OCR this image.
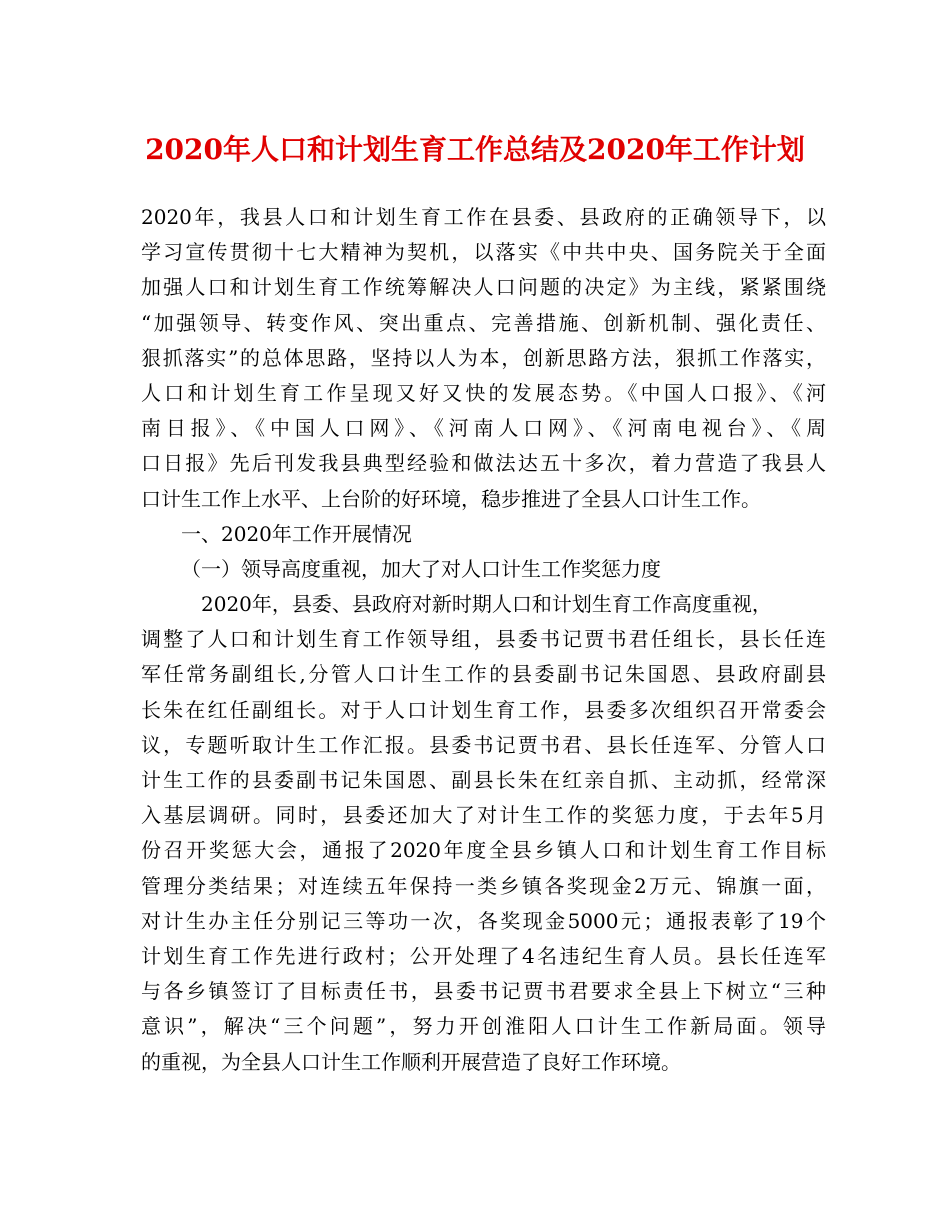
2020年人口和计划生育工作总结及2020年工作计划
2020年，我县人口和计划生育工作在县委、县政府的正确领导下，以
学习宣传贯彻十七大精神为契机，以落实《中共中央、国务院关于全面
加强人口和计划生育工作统筹解决人口问题的决定》为主线，紧紧围绕
“加强领导、转变作风、突出重点、完善措施、创新机制、强化责任、
狠抓落实”的总体思路，坚持以人为本，创新思路方法，狠抓工作落实，
人口和计划生育工作呈现又好又快的发展态势。《中国人口报》、《河
南日报》、《中国人口网》、《河南人口网》、《河南电视台》、《周
口日报》先后刊发我县典型经验和做法达五十多次，着力营造了我县人
口计生工作上水平、上台阶的好环境，稳步推进了全县人口计生工作。
一、2020年工作开展情况
（一）领导高度重视，加大了对人口计生工作奖惩力度
2020年，县委、县政府对新时期人口和计划生育工作高度重视，
调整了人口和计划生育工作领导组，县委书记贾书君任组长，县长任连
军任常务副组长,分管人口计生工作的县委副书记朱国恩、县政府副县
长朱在红任副组长。对于人口计划生育工作，县委多次组织召开常委会
议，专题听取计生工作汇报。县委书记贾书君、县长任连军、分管人口
计生工作的县委副书记朱国恩、副县长朱在红亲自抓、主动抓，经常深
入基层调研。同时，县委还加大了对计生工作的奖惩力度，于去年5月
份召开奖惩大会，通报了2020年度全县乡镇人口和计划生育工作目标
管理分类结果；对连续五年保持一类乡镇各奖现金2万元、锦旗一面，
对计生办主任分别记三等功一次，各奖现金5000元；通报表彰了19个
计划生育工作先进行政村；公开处理了4名违纪生育人员。县长任连军
与各乡镇签订了目标责任书，县委书记贾书君要求全县上下树立“三种
意识”，解决“三个问题”，努力开创淮阳人口计生工作新局面。领导
的重视，为全县人口计生工作顺利开展营造了良好工作环境。
